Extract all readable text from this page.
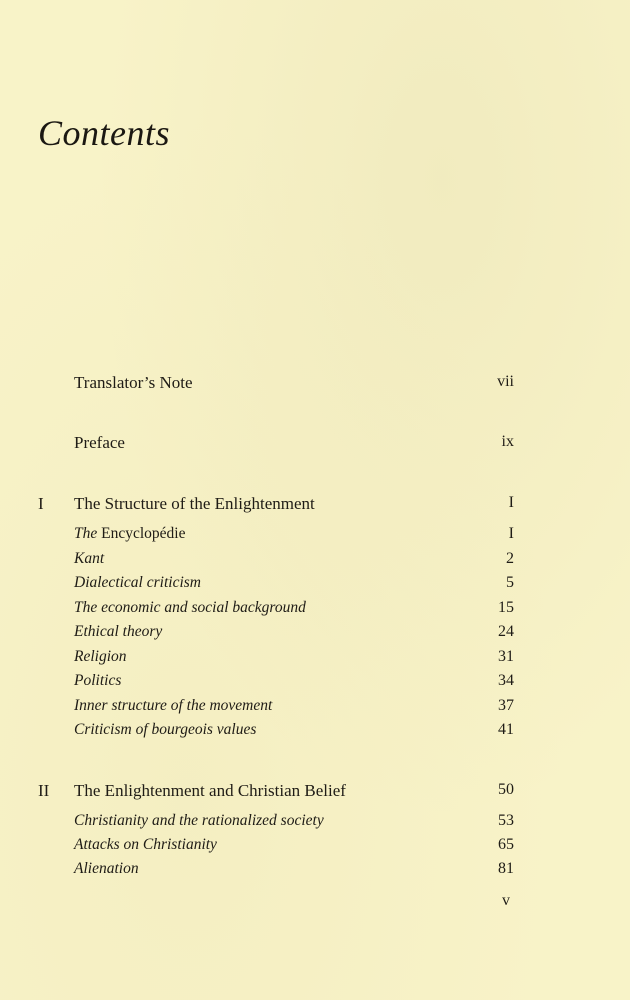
Contents
Translator’s Note	vii
Preface	ix
I	The Structure of the Enlightenment	I
The Encyclopédie	I
Kant	2
Dialectical criticism	5
The economic and social background	15
Ethical theory	24
Religion	31
Politics	34
Inner structure of the movement	37
Criticism of bourgeois values	41
II	The Enlightenment and Christian Belief	50
Christianity and the rationalized society	53
Attacks on Christianity	65
Alienation	81
v
